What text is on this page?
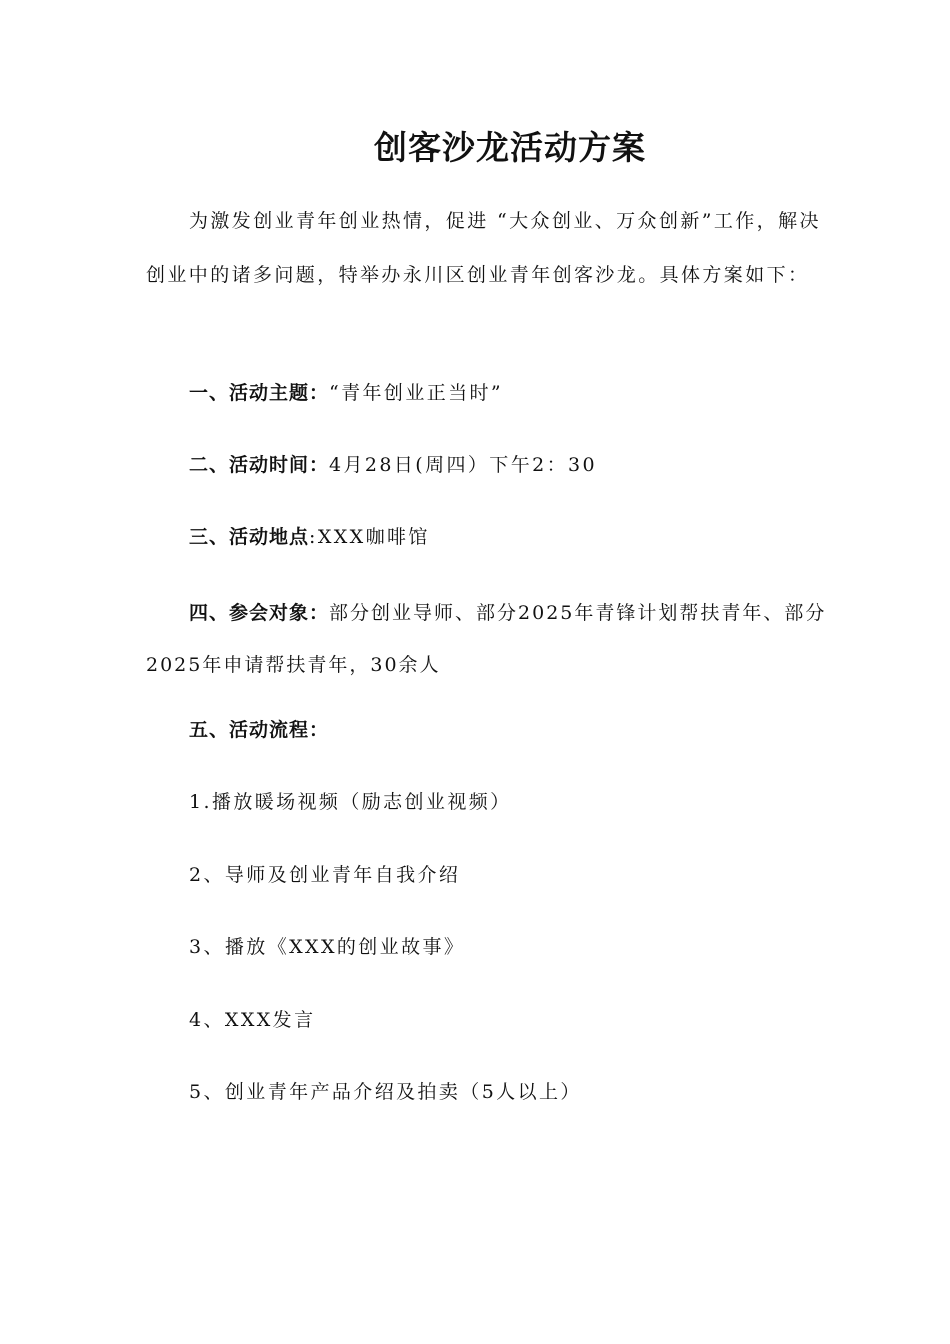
创客沙龙活动方案
为激发创业青年创业热情，促进 “大众创业、万众创新”工作，解决创业中的诸多问题，特举办永川区创业青年创客沙龙。具体方案如下：
一、活动主题：“青年创业正当时”
二、活动时间：4月28日(周四）下午2：30
三、活动地点:XXX咖啡馆
四、参会对象：部分创业导师、部分2025年青锋计划帮扶青年、部分2025年申请帮扶青年，30余人
五、活动流程：
1.播放暖场视频（励志创业视频）
2、导师及创业青年自我介绍
3、播放《XXX的创业故事》
4、XXX发言
5、创业青年产品介绍及拍卖（5人以上）
